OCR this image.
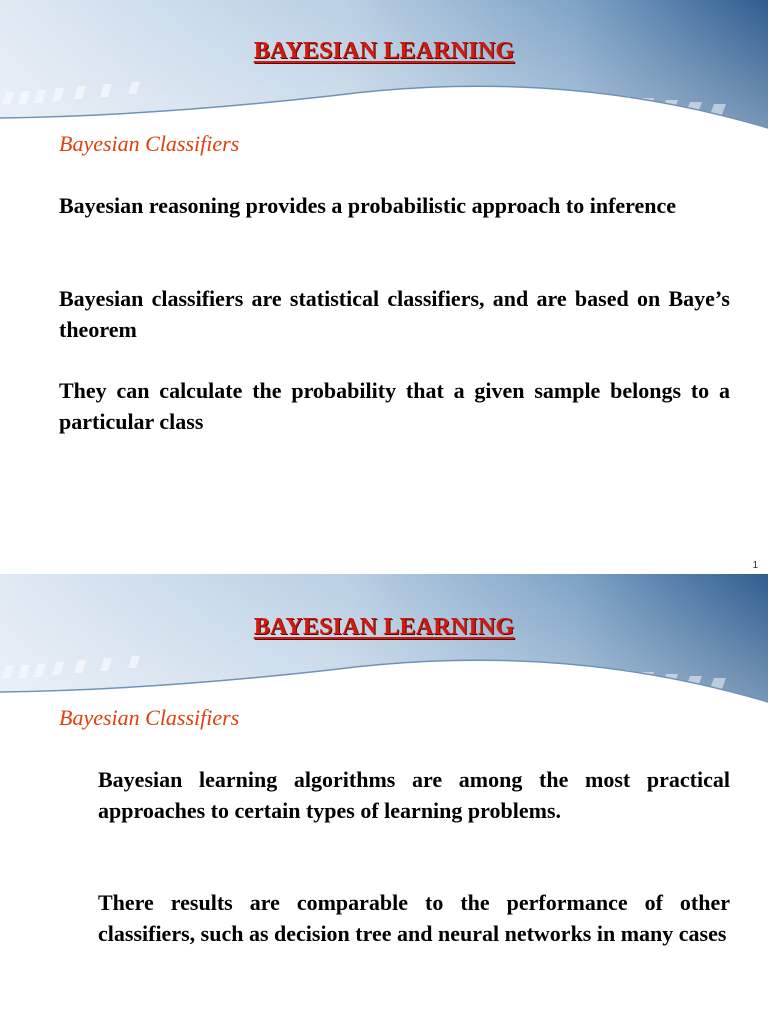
BAYESIAN LEARNING
Bayesian Classifiers

Bayesian reasoning provides a probabilistic approach to inference

Bayesian classifiers are statistical classifiers, and are based on Baye’s theorem

They can calculate the probability that a given sample belongs to a particular class

1
BAYESIAN LEARNING
Bayesian Classifiers

Bayesian learning algorithms are among the most practical approaches to certain types of learning problems.

There results are comparable to the performance of other classifiers, such as decision tree and neural networks in many cases
